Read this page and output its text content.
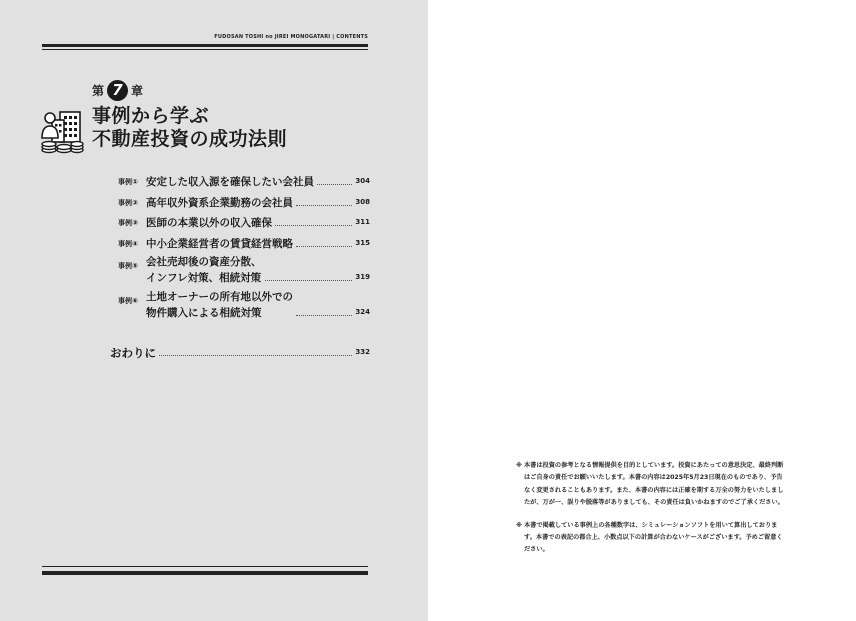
FUDOSAN TOSHI no JIREI MONOGATARI | CONTENTS
第 7 章
事例から学ぶ
不動産投資の成功法則
事例① 安定した収入源を確保したい会社員	304
事例② 高年収外資系企業勤務の会社員	308
事例③ 医師の本業以外の収入確保	311
事例④ 中小企業経営者の賃貸経営戦略	315
事例⑤ 会社売却後の資産分散、
インフレ対策、相続対策	319
事例⑥ 土地オーナーの所有地以外での
物件購入による相続対策	324
おわりに	332
※ 本書は投資の参考となる情報提供を目的としています。投資にあたっての意思決定、最終判断はご自身の責任でお願いいたします。本書の内容は2025年5月23日現在のものであり、予告なく変更されることもあります。また、本書の内容には正確を期する万全の努力をいたしましたが、万が一、誤りや脱落等がありましても、その責任は負いかねますのでご了承ください。
※ 本書で掲載している事例上の各種数字は、シミュレーションソフトを用いて算出しております。本書での表記の都合上、小数点以下の計算が合わないケースがございます。予めご留意ください。
